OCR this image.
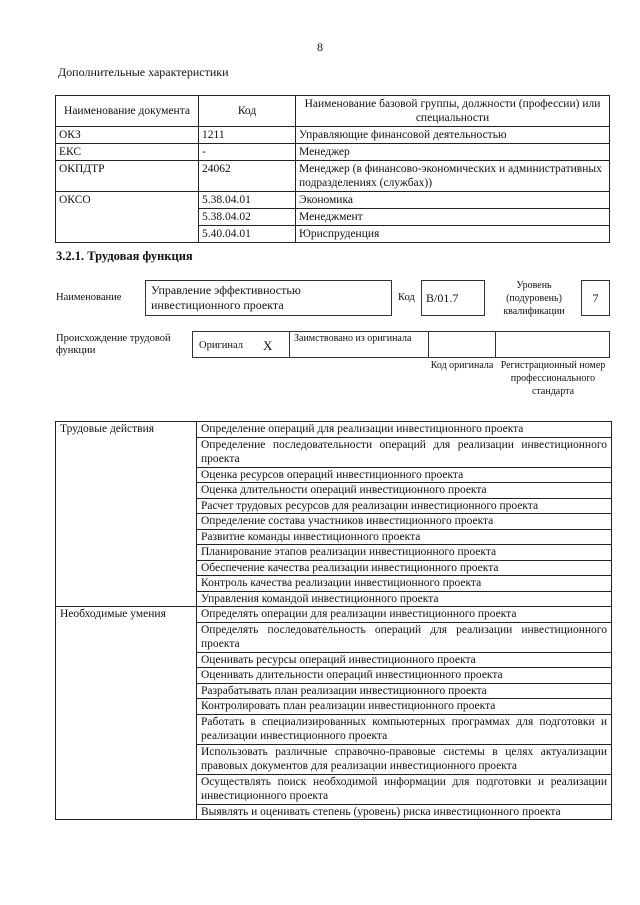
8
Дополнительные характеристики
Наименование документа	Код	Наименование базовой группы, должности (профессии) или специальности
ОКЗ	1211	Управляющие финансовой деятельностью
ЕКС	-	Менеджер
ОКПДТР	24062	Менеджер (в финансово-экономических и административных подразделениях (службах))
ОКСО	5.38.04.01	Экономика
	5.38.04.02	Менеджмент
	5.40.04.01	Юриспруденция
3.2.1. Трудовая функция
Наименование
Управление эффективностью инвестиционного проекта
Код B/01.7
Уровень (подуровень) квалификации
7
Происхождение трудовой функции	Оригинал X	Заимствовано из оригинала
Код оригинала Регистрационный номер профессионального стандарта
Трудовые действия	Определение операций для реализации инвестиционного проекта
	Определение последовательности операций для реализации инвестиционного проекта
	Оценка ресурсов операций инвестиционного проекта
	Оценка длительности операций инвестиционного проекта
	Расчет трудовых ресурсов для реализации инвестиционного проекта
	Определение состава участников инвестиционного проекта
	Развитие команды инвестиционного проекта
	Планирование этапов реализации инвестиционного проекта
	Обеспечение качества реализации инвестиционного проекта
	Контроль качества реализации инвестиционного проекта
	Управления командой инвестиционного проекта
Необходимые умения	Определять операции для реализации инвестиционного проекта
	Определять последовательность операций для реализации инвестиционного проекта
	Оценивать ресурсы операций инвестиционного проекта
	Оценивать длительности операций инвестиционного проекта
	Разрабатывать план реализации инвестиционного проекта
	Контролировать план реализации инвестиционного проекта
	Работать в специализированных компьютерных программах для подготовки и реализации инвестиционного проекта
	Использовать различные справочно-правовые системы в целях актуализации правовых документов для реализации инвестиционного проекта
	Осуществлять поиск необходимой информации для подготовки и реализации инвестиционного проекта
	Выявлять и оценивать степень (уровень) риска инвестиционного проекта
